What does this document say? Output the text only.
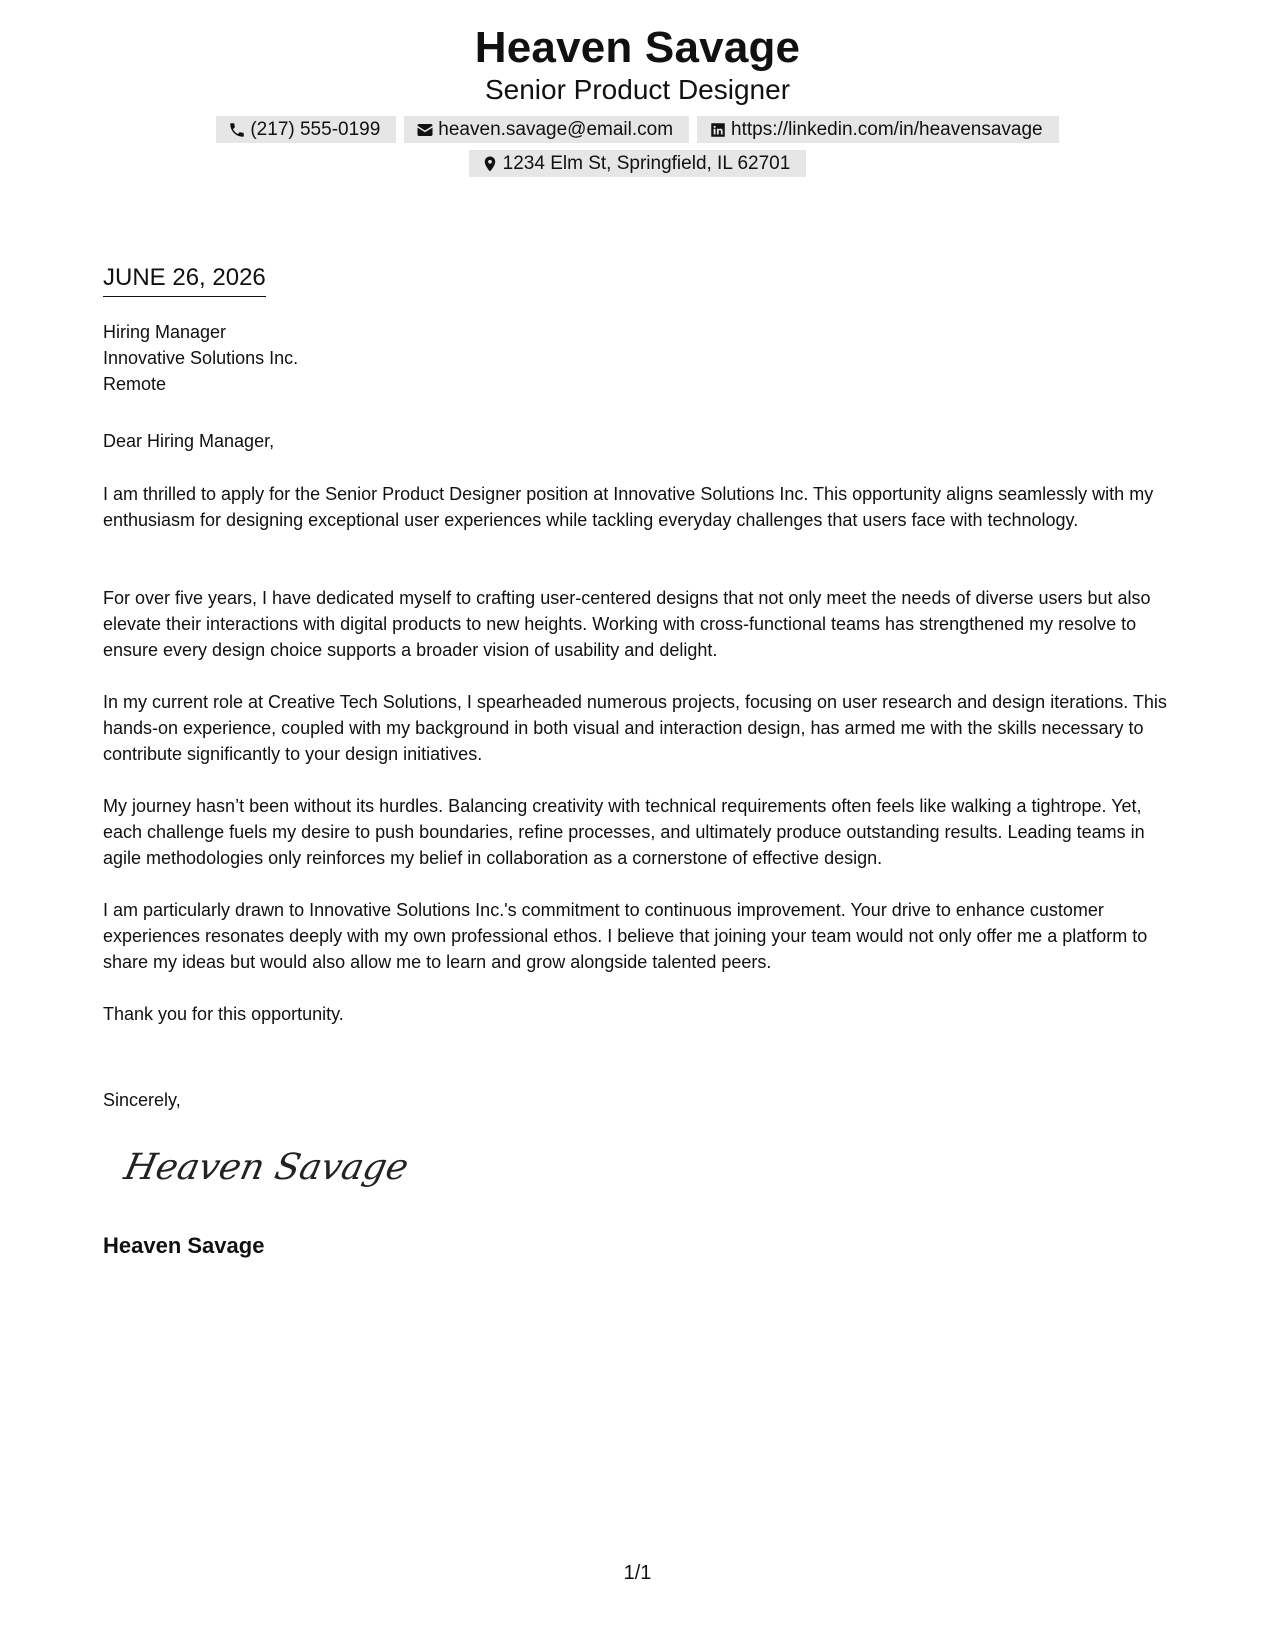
Heaven Savage
Senior Product Designer
(217) 555-0199	heaven.savage@email.com	https://linkedin.com/in/heavensavage
1234 Elm St, Springfield, IL 62701
JUNE 26, 2026
Hiring Manager
Innovative Solutions Inc.
Remote
Dear Hiring Manager,

I am thrilled to apply for the Senior Product Designer position at Innovative Solutions Inc. This opportunity aligns seamlessly with my enthusiasm for designing exceptional user experiences while tackling everyday challenges that users face with technology.

For over five years, I have dedicated myself to crafting user-centered designs that not only meet the needs of diverse users but also elevate their interactions with digital products to new heights. Working with cross-functional teams has strengthened my resolve to ensure every design choice supports a broader vision of usability and delight.

In my current role at Creative Tech Solutions, I spearheaded numerous projects, focusing on user research and design iterations. This hands-on experience, coupled with my background in both visual and interaction design, has armed me with the skills necessary to contribute significantly to your design initiatives.

My journey hasn’t been without its hurdles. Balancing creativity with technical requirements often feels like walking a tightrope. Yet, each challenge fuels my desire to push boundaries, refine processes, and ultimately produce outstanding results. Leading teams in agile methodologies only reinforces my belief in collaboration as a cornerstone of effective design.

I am particularly drawn to Innovative Solutions Inc.'s commitment to continuous improvement. Your drive to enhance customer experiences resonates deeply with my own professional ethos. I believe that joining your team would not only offer me a platform to share my ideas but would also allow me to learn and grow alongside talented peers.

Thank you for this opportunity.

Sincerely,
Heaven Savage
Heaven Savage
1/1
